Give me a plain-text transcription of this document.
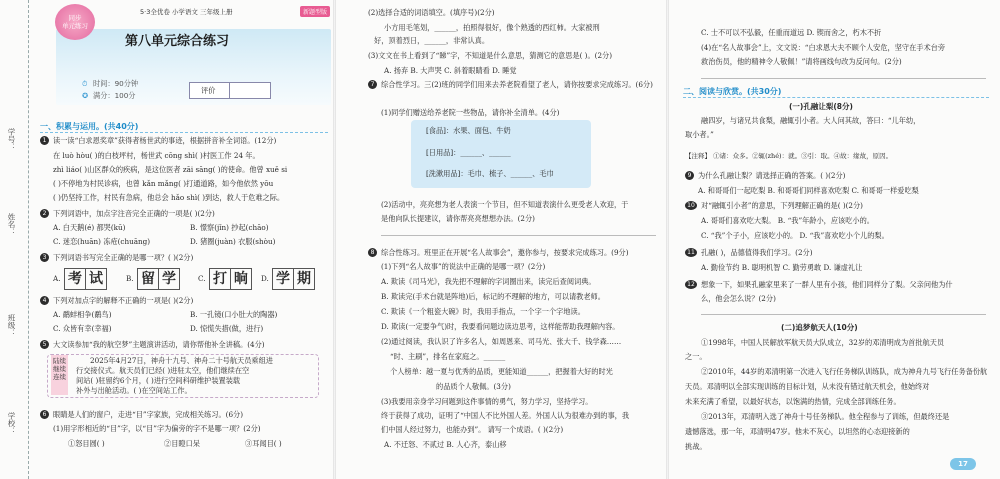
同步
单元练习
5·3全优卷 小学语文 三年级上册	新题型版
第八单元综合练习
⏱ 时间：90分钟
✪ 满分：100分
评价
学号：
姓名：
班级：
学校：
一、积累与运用。(共40分)
1 读一读“白求恩奖章”获得者杨世武的事迹，根据拼音补全词语。(12分)
在 luò hòu( )的白枝坪村，杨世武 cōng shì( )村医工作 24 年。
zhì liáo( )山区群众的疾病，是这位医者 zāi sāng( )的使命。他曾 xuě si
( )不停地为村民诊病，也曾 kǎn mǎng( )打通道路，如今他依然 yōu
( )仍坚持工作，村民有急病，他总会 hǎo shì( )到达，救人于危难之际。
2 下列词语中，加点字注音完全正确的一项是( )(2分)
A. 白天鹅(é) 都哭(kū)	B. 憬察(jǐn) 抄起(chāo)
C. 迷恋(huān) 冻疮(chuāng)	D. 猪圈(juàn) 衣服(shòu)
3 下列词语书写完全正确的是哪一项？( )(2分)
A. 考 试	B. 留 学	C. 打 晌	D. 学 期
4 下列对加点字的解释不正确的一项是( )(2分)
A. 鹬蚌相争(鹬鸟)	B. 一孔镜(口小肚大的陶器)
C. 众皆有幸(幸福)	D. 惊慌失措(做，进行)
5 大文读参加“我的航空梦”主题演讲活动，请你帮他补全讲稿。(4分)
陆续
继续
连续
2025年4月27日，神舟十九号、神舟二十号航天员乘组进
行交接仪式。航天员们已经( )进驻太空，他们继续在空
间站( )驻留约6个月，( )进行空间科研维护装置装载
补外与出舱活动。( )在空间站工作。
6 眼睛是人们的窗户，走进“目”字家族，完成相关练习。(6分)
(1)用字形相近的“目”字，以“目”字为偏旁的字不是哪一项？(2分)
①怒目圆( )	②目瞪口呆	③耳闻目( )
(2)选择合适的词语填空。(填序号)(2分)
小方用毛笔划，______，拍照得很好，像个熟透的西红柿。大家被刑
好，顶着烈日，______，非常认真。
(3)文文在书上看到了“睇”字，不知道是什么意思，猜测它的意思是( )。(2分)
A. 扬弃 B. 大声哭 C. 斜着眼睛看 D. 睡觉
7 综合性学习。三(2)班的同学们用来去养老院看望了老人，请你按要求完成练习。(6分)
(1)同学们赠送给养老院一些物品，请你补全清单。(4分)
[食品]：水果、面包、牛奶
[日用品]：______、______
[洗漱用品]：毛巾、梳子、______、毛巾
(2)活动中，亮亮想为老人表演一个节目，但不知道表演什么更受老人欢迎，于
是他向队长提建议，请你帮亮亮想想办法。(2分)
8 综合性练习。班里正在开展“名人故事会”，邀你参与，按要求完成练习。(9分)
(1)下列“名人故事”的说法中正确的是哪一项？(2分)
A. 欺读《司马光》，我先把不理解的字词圈出来，读完后查阅词典。
B. 欺读完(手术台就是阵地)后，标记的不理解的地方，可以请教老师。
C. 欺读《一个粗瓷大碗》时，我用手指点，一个字一个字地读。
D. 欺读(一定要争气)时，我要看问题边读边思考，这样能帮助我理解内容。
(2)通过阅读，我认识了许多名人，如周恩来、司马光、张大千、钱学森……
“时、主刷”，排名在家庭之。______
个人榜单：越一夏与优秀的品质，更能知道______，把握着大好的时光
的品质个人敬佩。(3分)
(3)我要用亲身学习问题到这件事情的勇气，努力学习，坚持学习。
终于获得了成功，证明了“中国人不比外国人差。外国人认为很难办到的事，我
们中国人经过努力，也能办到”。 请写一个成语。( )(2分)
A. 不迁怒、不贰过 B. 人心齐，泰山移
C. 士不可以不弘毅，任重而道远 D. 锲而舍之，朽木不折
(4)在“名人故事会”上，文文说：“白求恩大夫不顾个人安危，坚守在手术台旁
救治伤员，他的精神令人敬佩！”请将画线句改为反问句。(2分)
二、阅读与欣赏。(共30分)
(一)孔融让梨(8分)
融四岁，与诸兄共食梨，融辄引小者。大人问其故，答曰：“儿年幼，
取小者。”
【注释】 ①诸：众多。②辄(zhé)：就。③引：取。④故：缘故，原因。
9 为什么孔融让梨？请选择正确的答案。( )(2分)
A. 和哥哥们一起吃梨 B. 和哥哥们同样喜欢吃梨 C. 和哥哥一样爱吃梨
10 对“融辄引小者”的意思，下列理解正确的是( )(2分)
A. 哥哥们喜欢吃大梨。 B. “我”年龄小，应该吃小的。
C. “我”个子小，应该吃小的。 D. “我”喜欢吃小个儿的梨。
11 孔融( )，品德值得我们学习。(2分)
A. 勤俭节约 B. 聪明机智 C. 勤劳勇敢 D. 谦虚礼让
12 想象一下，如果孔融家里来了一群人里有小孩，他们同样分了梨。父亲问他为什
么，他会怎么说？(2分)
(二)追梦航天人(10分)
①1998年，中国人民解放军航天员大队成立，32岁的邓清明成为首批航天员
之一。
②2010年，44岁的邓清明第一次进入飞行任务梯队训练队，成为神舟九号飞行任务备份航
天员。邓清明以全部实现训练的目标计划，从未没有错过航天机会，他始终对
未来充满了希望，以最好状态，以饱满的热情，完成全部训练任务。
③2013年，邓清明入选了神舟十号任务梯队。他全程参与了训练，但最终还是
遗憾落选，那一年，邓清明47岁。他未不灰心，以坦然的心态迎接新的
挑战。
17
